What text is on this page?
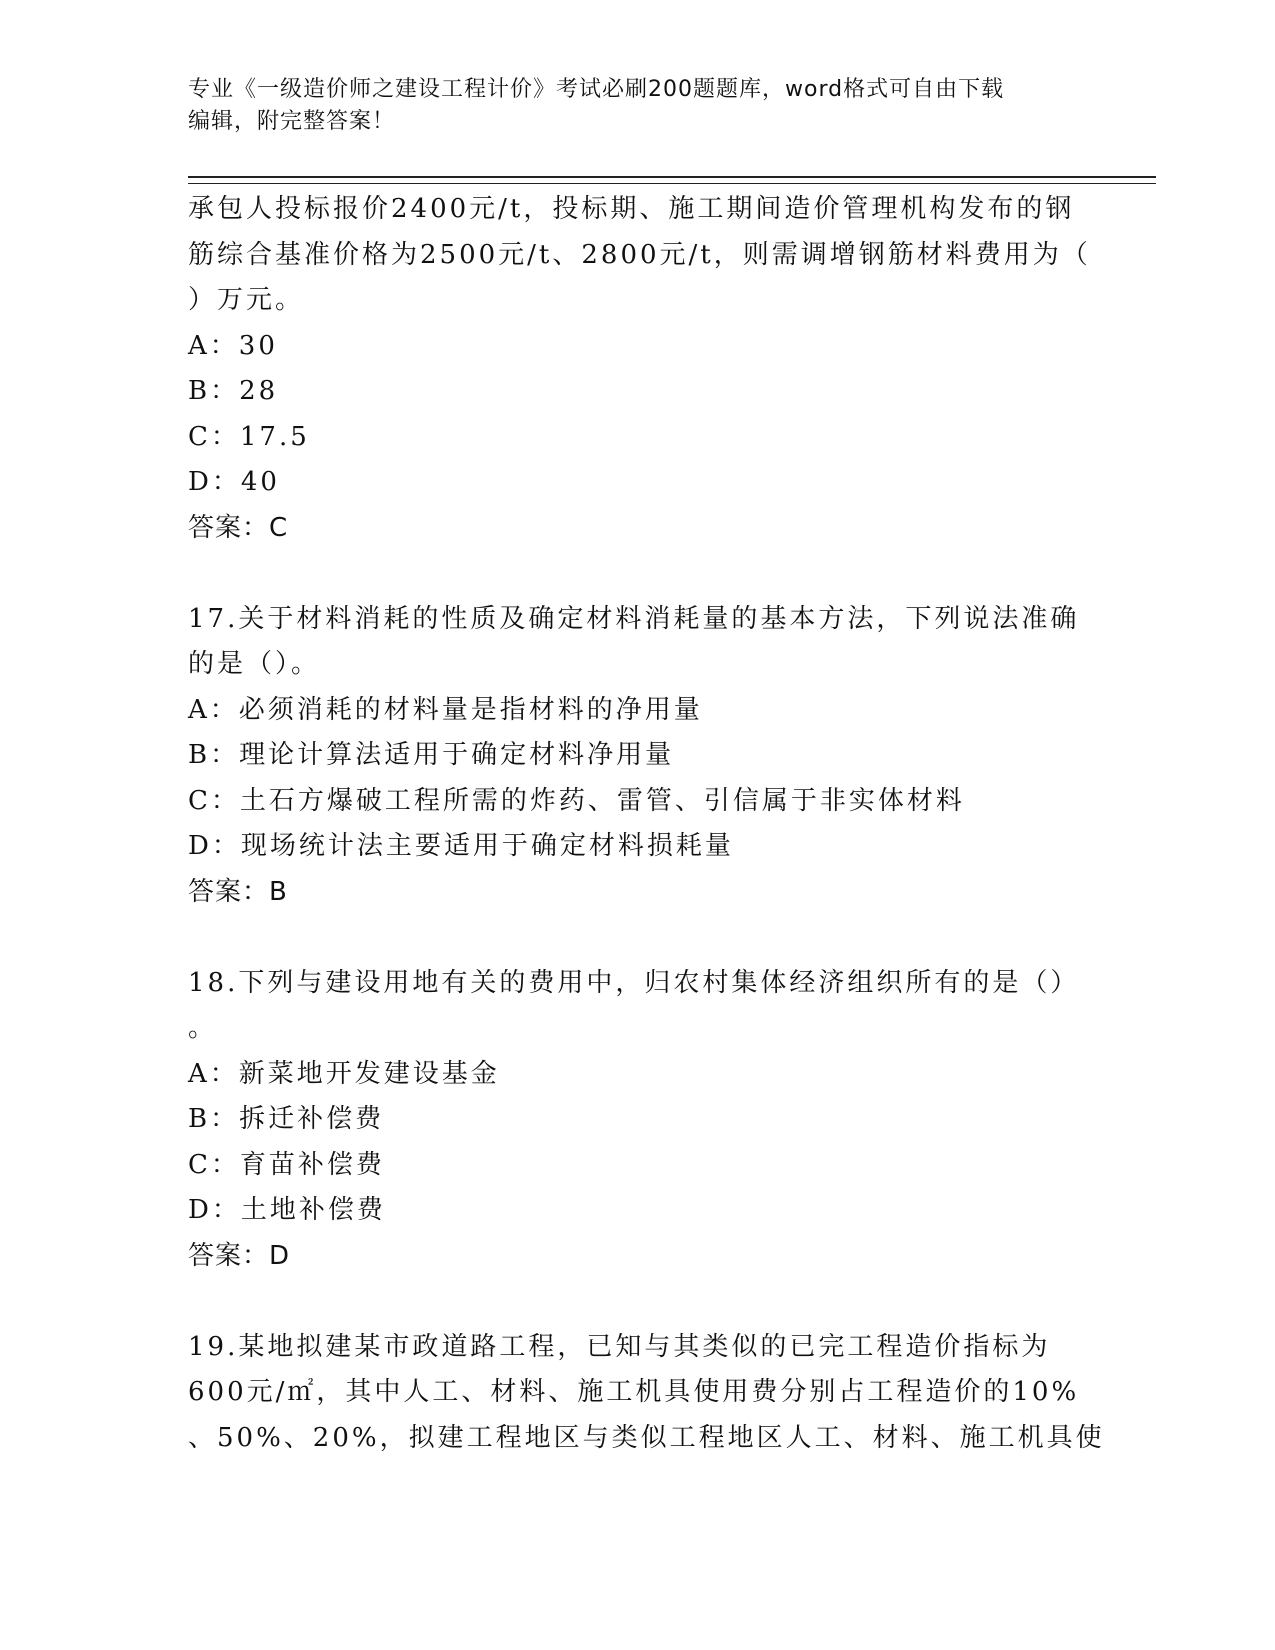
专业《一级造价师之建设工程计价》考试必刷200题题库，word格式可自由下载
编辑，附完整答案！
承包人投标报价2400元/t，投标期、施工期间造价管理机构发布的钢
筋综合基准价格为2500元/t、2800元/t，则需调增钢筋材料费用为（
）万元。
A：30
B：28
C：17.5
D：40
答案：C
17.关于材料消耗的性质及确定材料消耗量的基本方法，下列说法准确
的是（）。
A：必须消耗的材料量是指材料的净用量
B：理论计算法适用于确定材料净用量
C：土石方爆破工程所需的炸药、雷管、引信属于非实体材料
D：现场统计法主要适用于确定材料损耗量
答案：B
18.下列与建设用地有关的费用中，归农村集体经济组织所有的是（）
。
A：新菜地开发建设基金
B：拆迁补偿费
C：育苗补偿费
D：土地补偿费
答案：D
19.某地拟建某市政道路工程，已知与其类似的已完工程造价指标为
600元/㎡，其中人工、材料、施工机具使用费分别占工程造价的10%
、50%、20%，拟建工程地区与类似工程地区人工、材料、施工机具使
